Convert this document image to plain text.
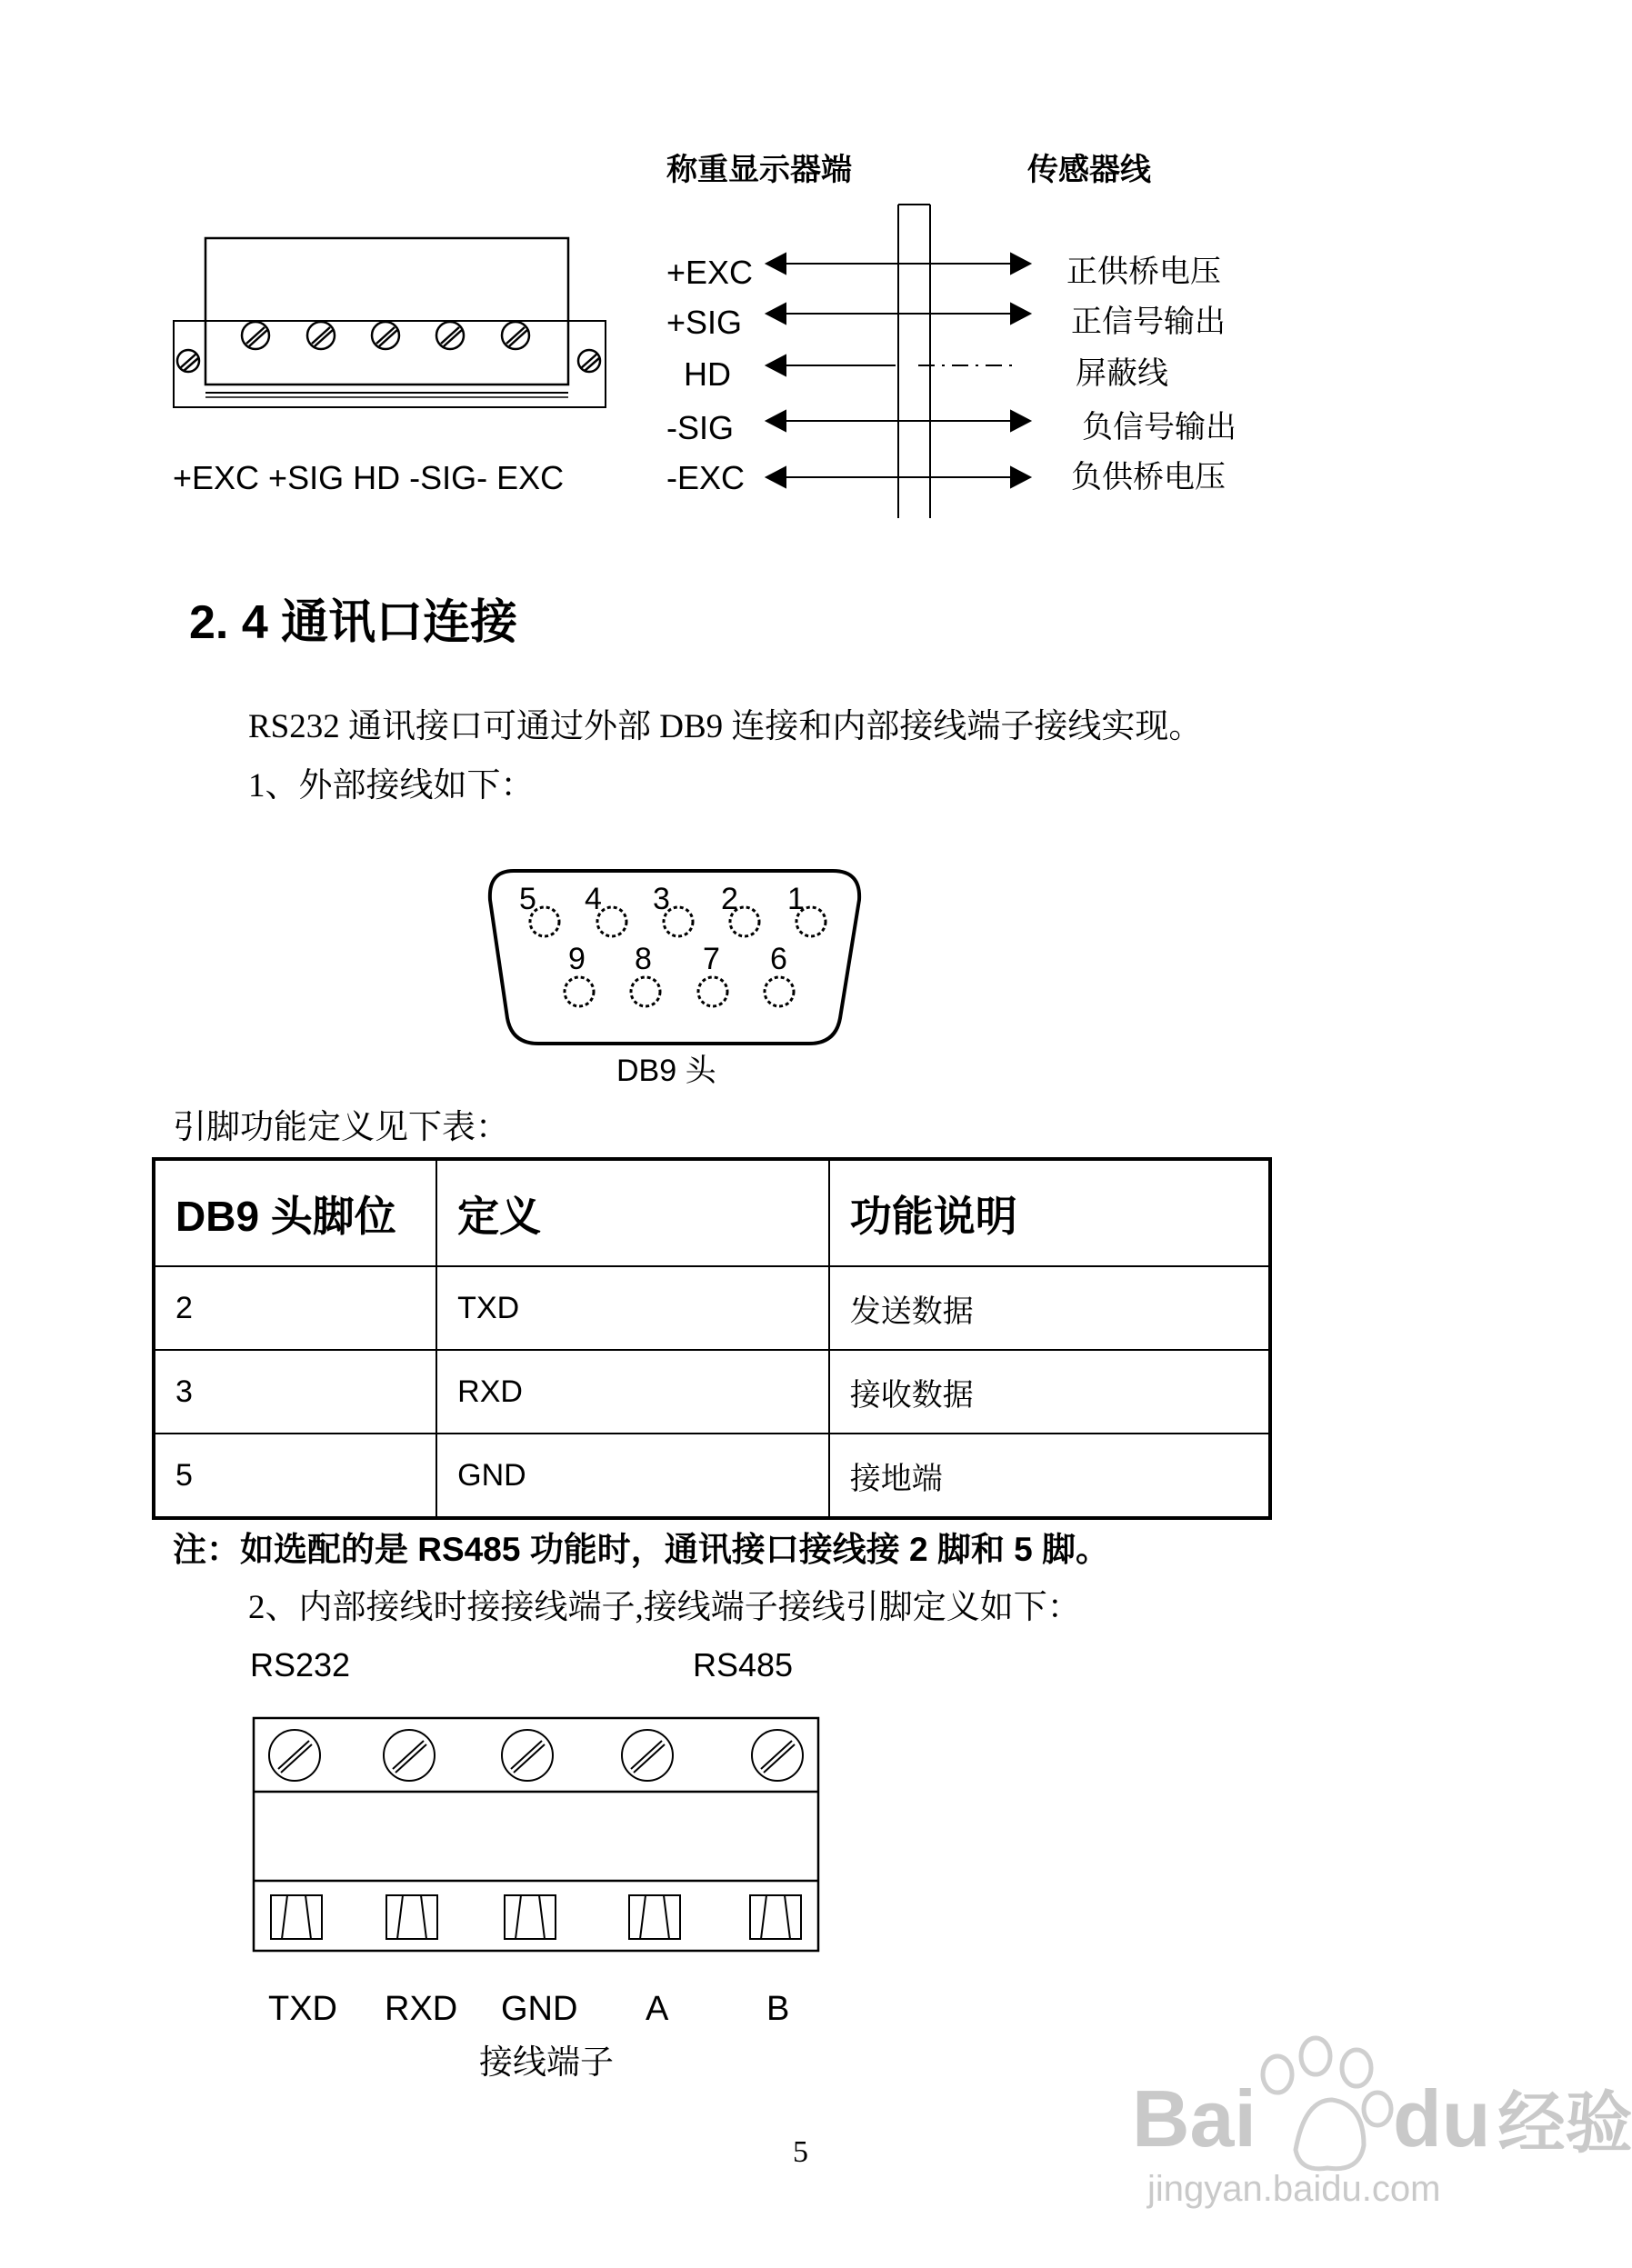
称重显示器端	传感器线
+EXC +SIG HD -SIG- EXC
+EXC
+SIG
HD
-SIG
-EXC
正供桥电压
正信号输出
屏蔽线
负信号输出
负供桥电压
2. 4 通讯口连接
RS232 通讯接口可通过外部 DB9 连接和内部接线端子接线实现。
1、外部接线如下：
5 4 3 2 1
9 8 7 6
DB9 头
引脚功能定义见下表：
DB9 头脚位	定义	功能说明
2	TXD	发送数据
3	RXD	接收数据
5	GND	接地端
注：如选配的是 RS485 功能时，通讯接口接线接 2 脚和 5 脚。
2、内部接线时接接线端子,接线端子接线引脚定义如下：
RS232	RS485
TXD RXD GND A	B
接线端子
5	Bai du 经验
jingyan.baidu.com
